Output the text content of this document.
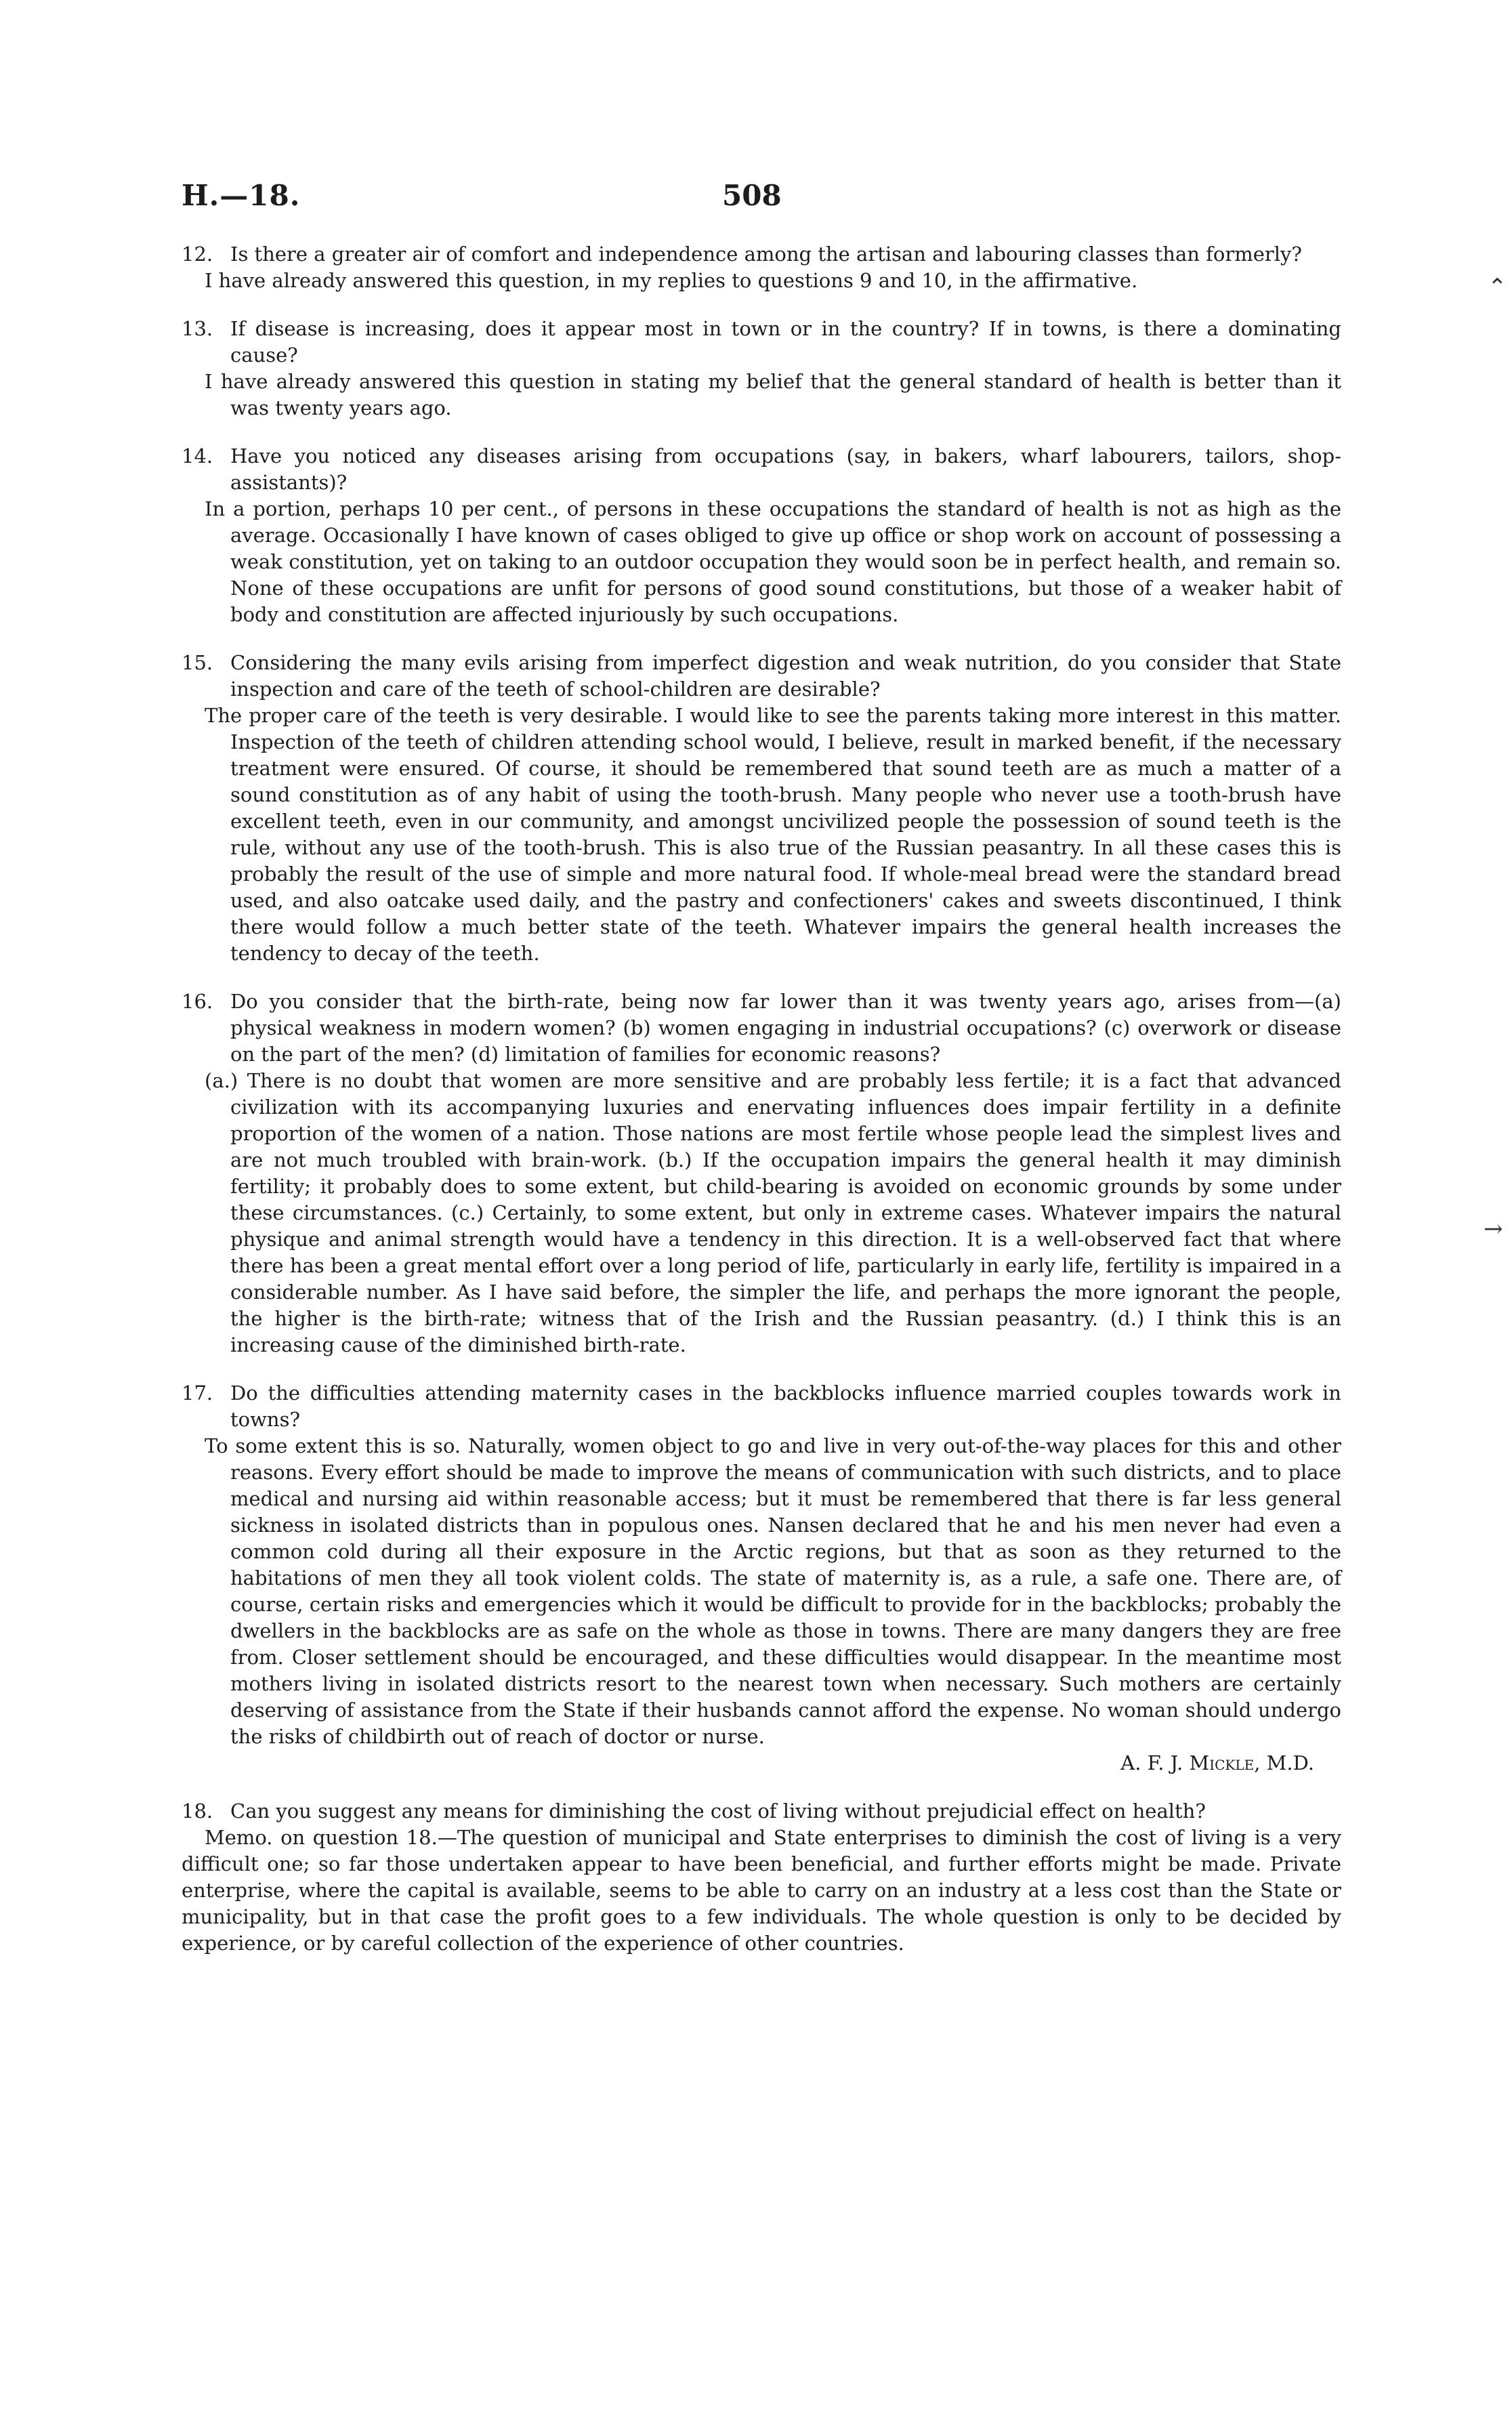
H.—18.	508
⌃
→
12. Is there a greater air of comfort and independence among the artisan and labouring classes than formerly?
I have already answered this question, in my replies to questions 9 and 10, in the affirmative.
13. If disease is increasing, does it appear most in town or in the country? If in towns, is there a dominating cause?
I have already answered this question in stating my belief that the general standard of health is better than it was twenty years ago.
14. Have you noticed any diseases arising from occupations (say, in bakers, wharf labourers, tailors, shop-assistants)?
In a portion, perhaps 10 per cent., of persons in these occupations the standard of health is not as high as the average. Occasionally I have known of cases obliged to give up office or shop work on account of possessing a weak constitution, yet on taking to an outdoor occupation they would soon be in perfect health, and remain so. None of these occupations are unfit for persons of good sound constitutions, but those of a weaker habit of body and constitution are affected injuriously by such occupations.
15. Considering the many evils arising from imperfect digestion and weak nutrition, do you consider that State inspection and care of the teeth of school-children are desirable?
The proper care of the teeth is very desirable. I would like to see the parents taking more interest in this matter. Inspection of the teeth of children attending school would, I believe, result in marked benefit, if the necessary treatment were ensured. Of course, it should be remembered that sound teeth are as much a matter of a sound constitution as of any habit of using the tooth-brush. Many people who never use a tooth-brush have excellent teeth, even in our community, and amongst uncivilized people the possession of sound teeth is the rule, without any use of the tooth-brush. This is also true of the Russian peasantry. In all these cases this is probably the result of the use of simple and more natural food. If whole-meal bread were the standard bread used, and also oatcake used daily, and the pastry and confectioners' cakes and sweets discontinued, I think there would follow a much better state of the teeth. Whatever impairs the general health increases the tendency to decay of the teeth.
16. Do you consider that the birth-rate, being now far lower than it was twenty years ago, arises from—(a) physical weakness in modern women? (b) women engaging in industrial occupations? (c) overwork or disease on the part of the men? (d) limitation of families for economic reasons?
(a.) There is no doubt that women are more sensitive and are probably less fertile; it is a fact that advanced civilization with its accompanying luxuries and enervating influences does impair fertility in a definite proportion of the women of a nation. Those nations are most fertile whose people lead the simplest lives and are not much troubled with brain-work. (b.) If the occupation impairs the general health it may diminish fertility; it probably does to some extent, but child-bearing is avoided on economic grounds by some under these circumstances. (c.) Certainly, to some extent, but only in extreme cases. Whatever impairs the natural physique and animal strength would have a tendency in this direction. It is a well-observed fact that where there has been a great mental effort over a long period of life, particularly in early life, fertility is impaired in a considerable number. As I have said before, the simpler the life, and perhaps the more ignorant the people, the higher is the birth-rate; witness that of the Irish and the Russian peasantry. (d.) I think this is an increasing cause of the diminished birth-rate.
17. Do the difficulties attending maternity cases in the backblocks influence married couples towards work in towns?
To some extent this is so. Naturally, women object to go and live in very out-of-the-way places for this and other reasons. Every effort should be made to improve the means of communication with such districts, and to place medical and nursing aid within reasonable access; but it must be remembered that there is far less general sickness in isolated districts than in populous ones. Nansen declared that he and his men never had even a common cold during all their exposure in the Arctic regions, but that as soon as they returned to the habitations of men they all took violent colds. The state of maternity is, as a rule, a safe one. There are, of course, certain risks and emergencies which it would be difficult to provide for in the backblocks; probably the dwellers in the backblocks are as safe on the whole as those in towns. There are many dangers they are free from. Closer settlement should be encouraged, and these difficulties would disappear. In the meantime most mothers living in isolated districts resort to the nearest town when necessary. Such mothers are certainly deserving of assistance from the State if their husbands cannot afford the expense. No woman should undergo the risks of childbirth out of reach of doctor or nurse.
A. F. J. Mickle, M.D.
18. Can you suggest any means for diminishing the cost of living without prejudicial effect on health?
Memo. on question 18.—The question of municipal and State enterprises to diminish the cost of living is a very difficult one; so far those undertaken appear to have been beneficial, and further efforts might be made. Private enterprise, where the capital is available, seems to be able to carry on an industry at a less cost than the State or municipality, but in that case the profit goes to a few individuals. The whole question is only to be decided by experience, or by careful collection of the experience of other countries.
